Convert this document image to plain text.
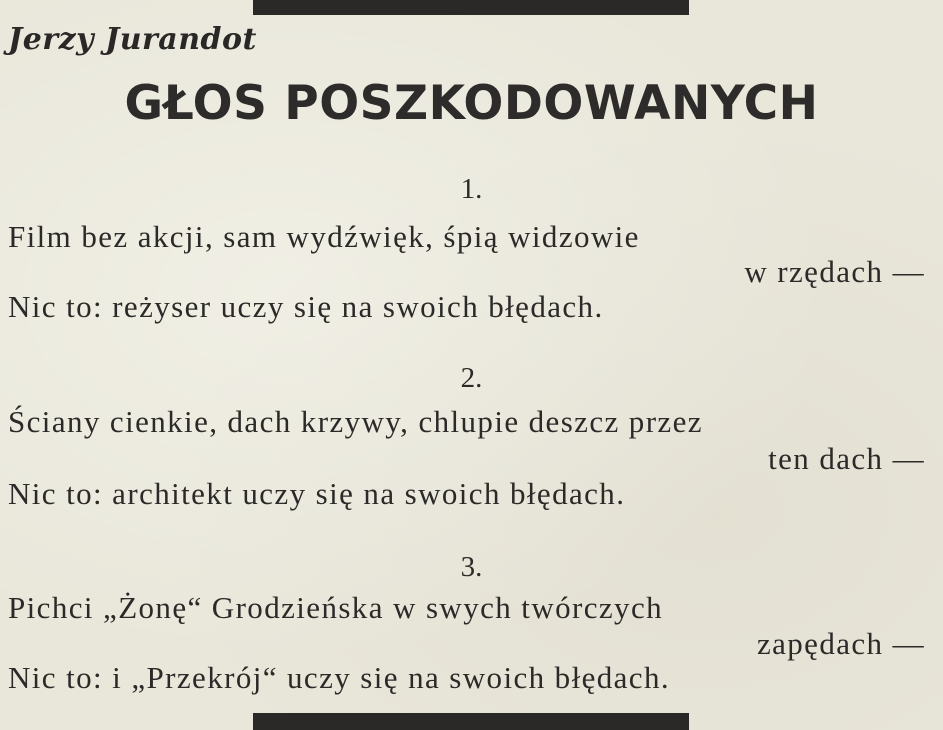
Jerzy Jurandot
GŁOS POSZKODOWANYCH
1.
Film bez akcji, sam wydźwięk, śpią widzowie
w rzędach —
Nic to: reżyser uczy się na swoich błędach.
2.
Ściany cienkie, dach krzywy, chlupie deszcz przez
ten dach —
Nic to: architekt uczy się na swoich błędach.
3.
Pichci „Żonę“ Grodzieńska w swych twórczych
zapędach —
Nic to: i „Przekrój“ uczy się na swoich błędach.
